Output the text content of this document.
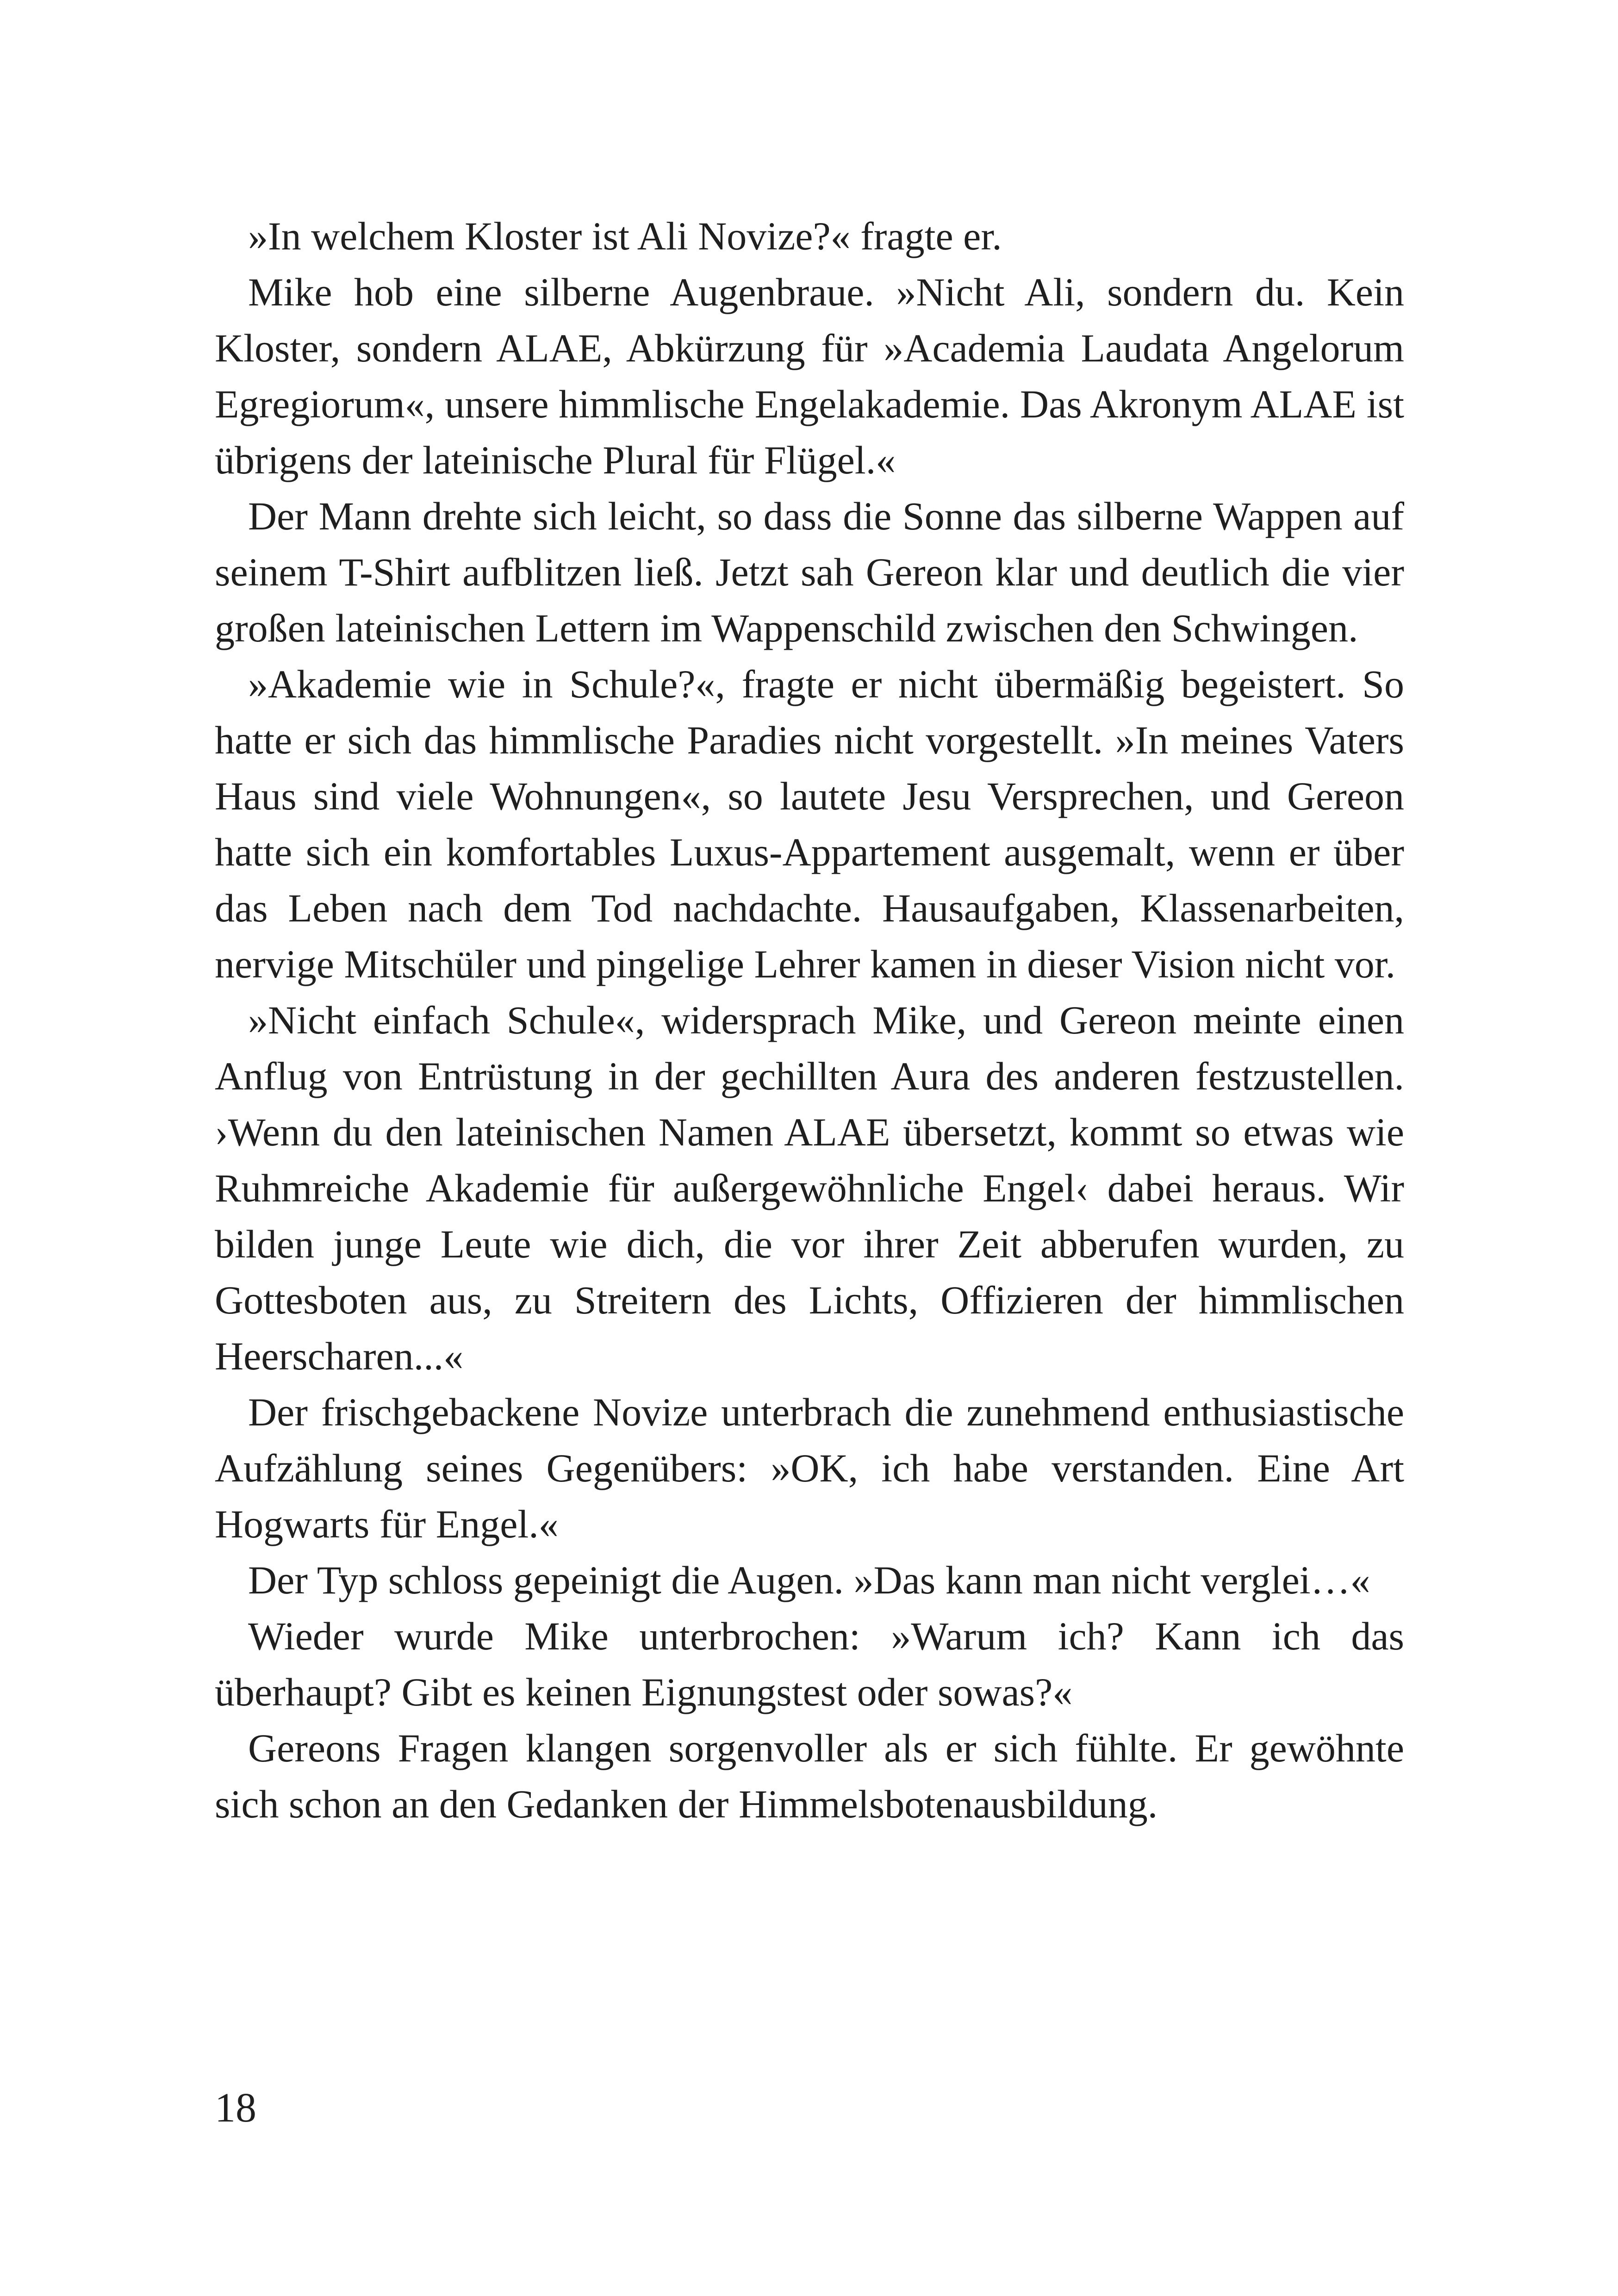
»In welchem Kloster ist Ali Novize?« fragte er.

Mike hob eine silberne Augenbraue. »Nicht Ali, sondern du. Kein Kloster, sondern ALAE, Abkürzung für »Academia Laudata Angelorum Egregiorum«, unsere himmlische Engelakademie. Das Akronym ALAE ist übrigens der lateinische Plural für Flügel.«

Der Mann drehte sich leicht, so dass die Sonne das silberne Wappen auf seinem T-Shirt aufblitzen ließ. Jetzt sah Gereon klar und deutlich die vier großen lateinischen Lettern im Wappenschild zwischen den Schwingen.

»Akademie wie in Schule?«, fragte er nicht übermäßig begeistert. So hatte er sich das himmlische Paradies nicht vorgestellt. »In meines Vaters Haus sind viele Wohnungen«, so lautete Jesu Versprechen, und Gereon hatte sich ein komfortables Luxus-Appartement ausgemalt, wenn er über das Leben nach dem Tod nachdachte. Hausaufgaben, Klassenarbeiten, nervige Mitschüler und pingelige Lehrer kamen in dieser Vision nicht vor.

»Nicht einfach Schule«, widersprach Mike, und Gereon meinte einen Anflug von Entrüstung in der gechillten Aura des anderen festzustellen. ›Wenn du den lateinischen Namen ALAE übersetzt, kommt so etwas wie Ruhmreiche Akademie für außergewöhnliche Engel‹ dabei heraus. Wir bilden junge Leute wie dich, die vor ihrer Zeit abberufen wurden, zu Gottesboten aus, zu Streitern des Lichts, Offizieren der himmlischen Heerscharen...«

Der frischgebackene Novize unterbrach die zunehmend enthusiastische Aufzählung seines Gegenübers: »OK, ich habe verstanden. Eine Art Hogwarts für Engel.«

Der Typ schloss gepeinigt die Augen. »Das kann man nicht verglei…«

Wieder wurde Mike unterbrochen: »Warum ich? Kann ich das überhaupt? Gibt es keinen Eignungstest oder sowas?«

Gereons Fragen klangen sorgenvoller als er sich fühlte. Er gewöhnte sich schon an den Gedanken der Himmelsbotenausbildung.

18
